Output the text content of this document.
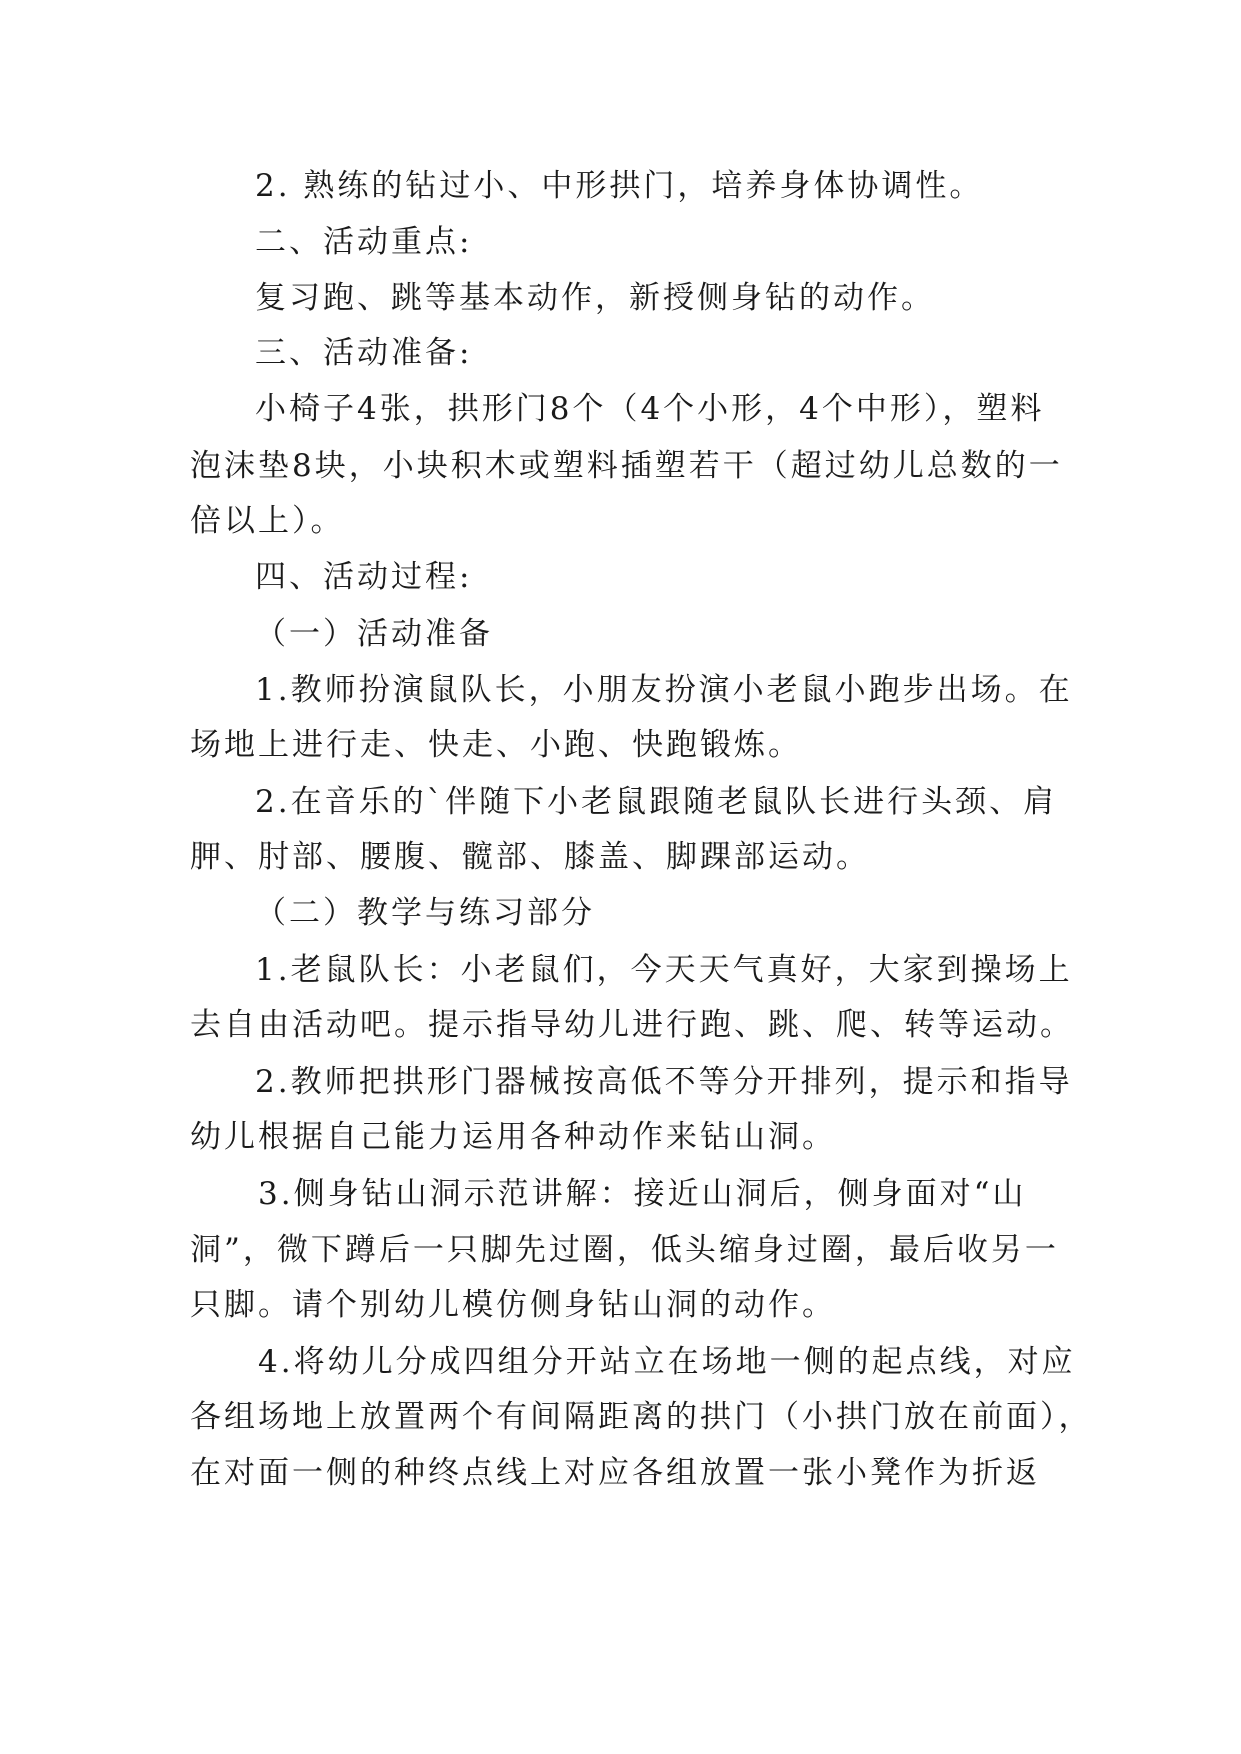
2. 熟练的钻过小、中形拱门，培养身体协调性。
二、活动重点:
复习跑、跳等基本动作，新授侧身钻的动作。
三、活动准备:
小椅子4张，拱形门8个（4个小形，4个中形），塑料
泡沫垫8块，小块积木或塑料插塑若干（超过幼儿总数的一
倍以上）。
四、活动过程:
（一）活动准备
1.教师扮演鼠队长，小朋友扮演小老鼠小跑步出场。在
场地上进行走、快走、小跑、快跑锻炼。
2.在音乐的`伴随下小老鼠跟随老鼠队长进行头颈、肩
胛、肘部、腰腹、髋部、膝盖、脚踝部运动。
（二）教学与练习部分
1.老鼠队长：小老鼠们，今天天气真好，大家到操场上
去自由活动吧。提示指导幼儿进行跑、跳、爬、转等运动。
2.教师把拱形门器械按高低不等分开排列，提示和指导
幼儿根据自己能力运用各种动作来钻山洞。
3.侧身钻山洞示范讲解：接近山洞后，侧身面对“山
洞”，微下蹲后一只脚先过圈，低头缩身过圈，最后收另一
只脚。请个别幼儿模仿侧身钻山洞的动作。
4.将幼儿分成四组分开站立在场地一侧的起点线，对应
各组场地上放置两个有间隔距离的拱门（小拱门放在前面），
在对面一侧的种终点线上对应各组放置一张小凳作为折返
